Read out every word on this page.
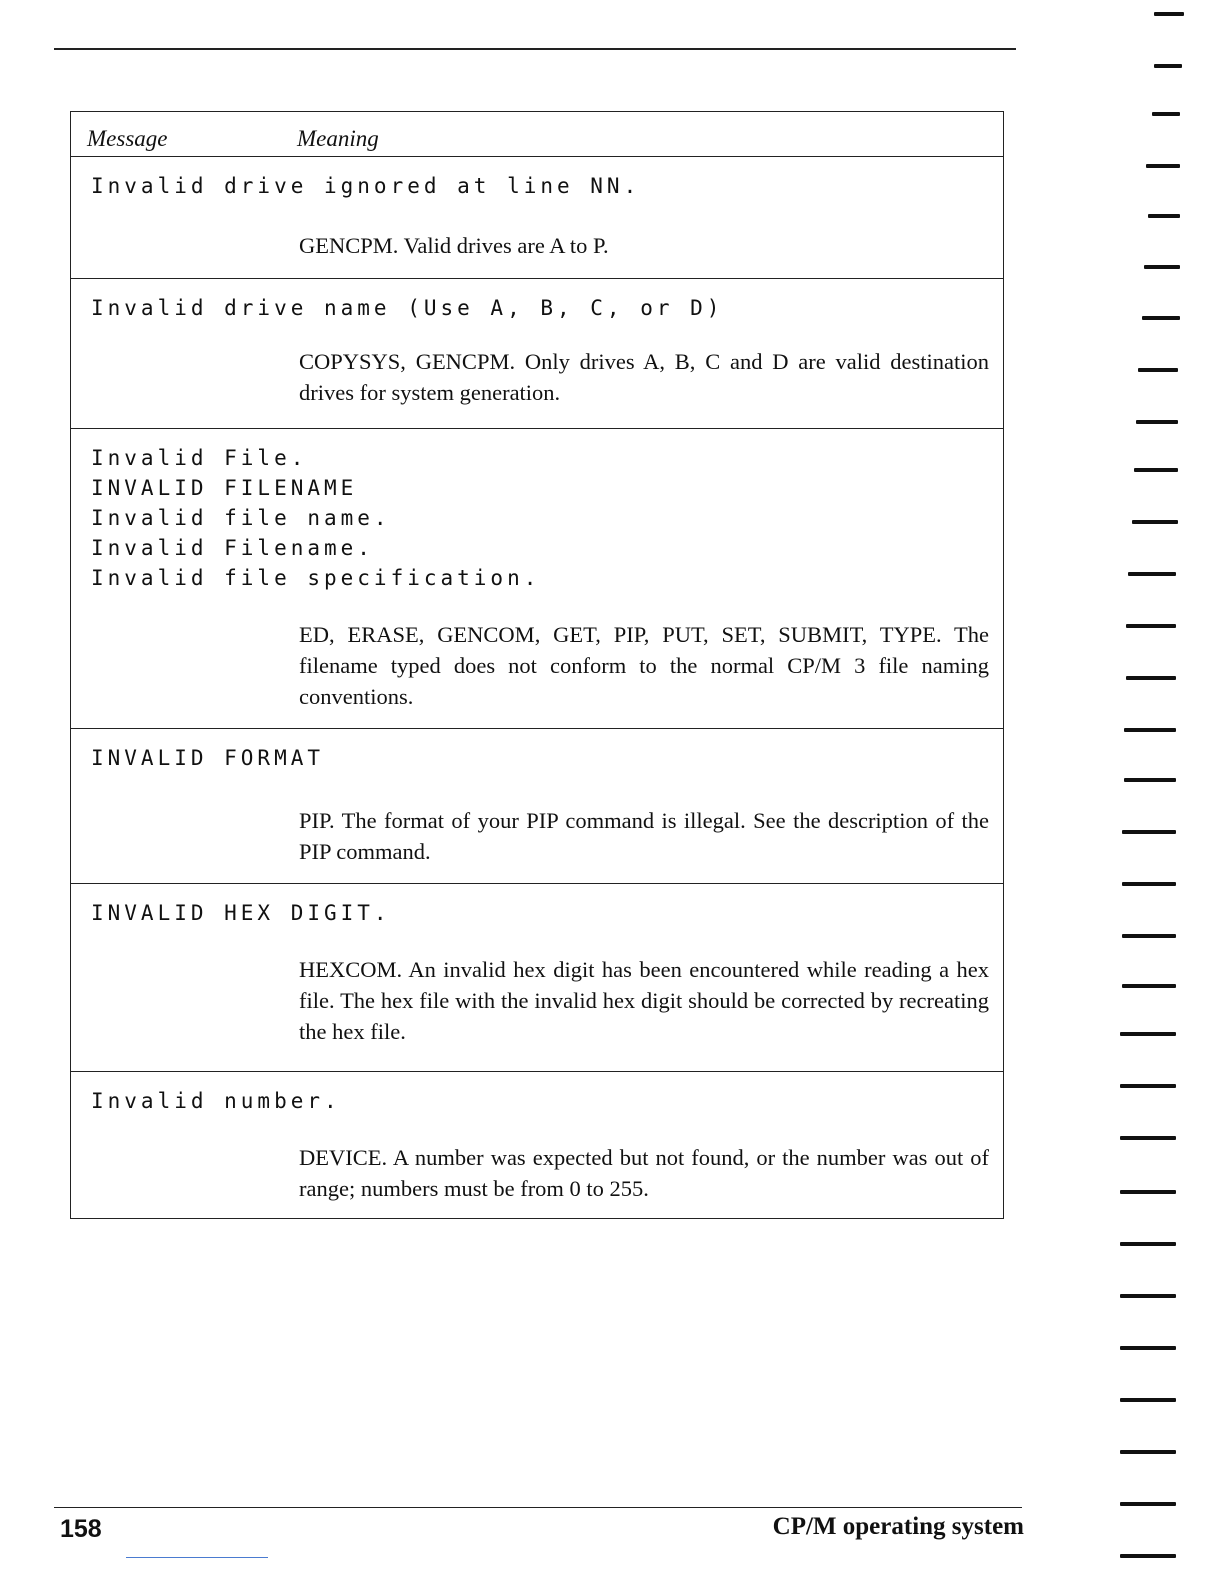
Message	Meaning
Invalid drive ignored at line NN.
GENCPM. Valid drives are A to P.
Invalid drive name (Use A, B, C, or D)
COPYSYS, GENCPM. Only drives A, B, C and D are valid destination drives for system generation.
Invalid File.
INVALID FILENAME
Invalid file name.
Invalid Filename.
Invalid file specification.
ED, ERASE, GENCOM, GET, PIP, PUT, SET, SUBMIT, TYPE. The filename typed does not conform to the normal CP/M 3 file naming conventions.
INVALID FORMAT
PIP. The format of your PIP command is illegal. See the description of the PIP command.
INVALID HEX DIGIT.
HEXCOM. An invalid hex digit has been encountered while reading a hex file. The hex file with the invalid hex digit should be corrected by recreating the hex file.
Invalid number.
DEVICE. A number was expected but not found, or the number was out of range; numbers must be from 0 to 255.
158	CP/M operating system
